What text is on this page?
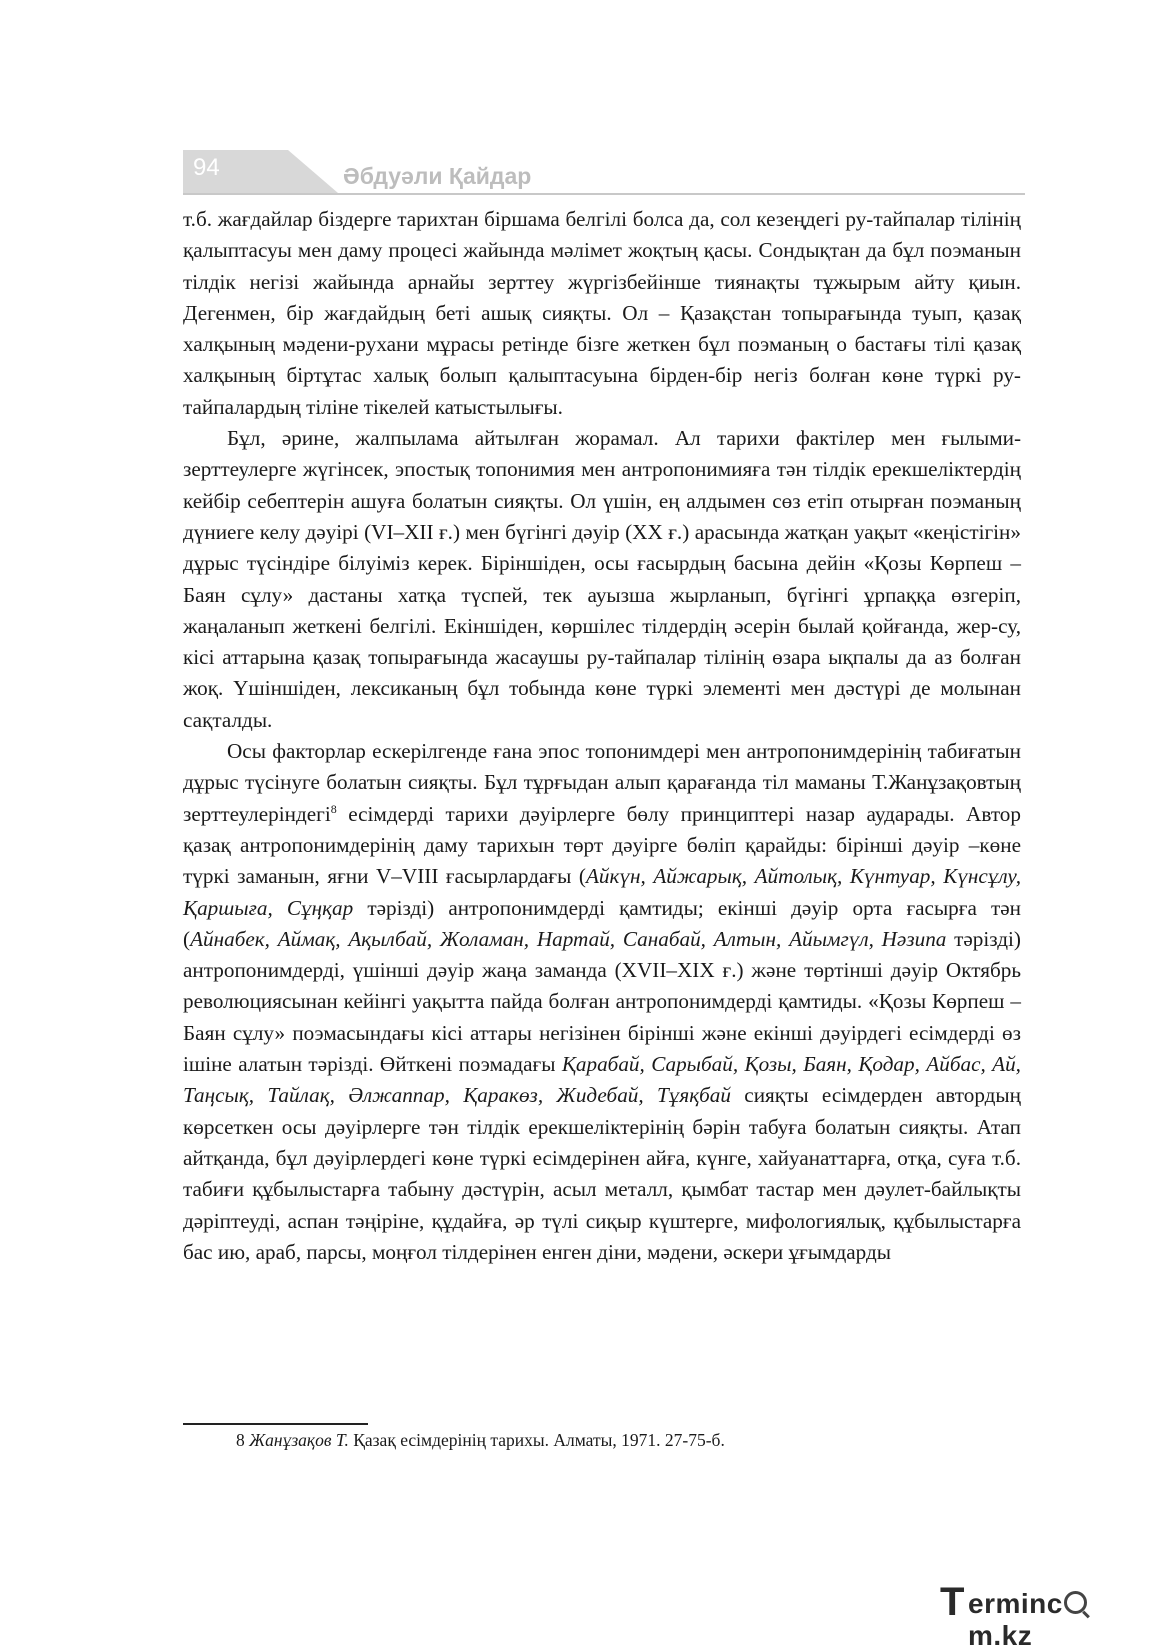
94	Әбдуәли Қайдар

т.б. жағдайлар біздерге тарихтан біршама белгілі болса да, сол кезеңдегі ру-тайпалар тілінің қалыптасуы мен даму процесі жайында мәлімет жоқтың қасы. Сондықтан да бұл поэманын тілдік негізі жайында арнайы зерттеу жүргізбейінше тиянақты тұжырым айту қиын. Дегенмен, бір жағдайдың беті ашық сияқты. Ол – Қазақстан топырағында туып, қазақ халқының мәдени-рухани мұрасы ретінде бізге жеткен бұл поэманың о бастағы тілі қазақ халқының біртұтас халық болып қалыптасуына бірден-бір негіз болған көне түркі ру-тайпалардың тіліне тікелей катыстылығы.

Бұл, әрине, жалпылама айтылған жорамал. Ал тарихи фактілер мен ғылыми-зерттеулерге жүгінсек, эпостық топонимия мен антропонимияға тән тілдік ерекшеліктердің кейбір себептерін ашуға болатын сияқты. Ол үшін, ең алдымен сөз етіп отырған поэманың дүниеге келу дәуірі (VI–XII ғ.) мен бүгінгі дәуір (XX ғ.) арасында жатқан уақыт «кеңістігін» дұрыс түсіндіре білуіміз керек. Біріншіден, осы ғасырдың басына дейін «Қозы Көрпеш – Баян сұлу» дастаны хатқа түспей, тек ауызша жырланып, бүгінгі ұрпаққа өзгеріп, жаңаланып жеткені белгілі. Екіншіден, көршілес тілдердің әсерін былай қойғанда, жер-су, кісі аттарына қазақ топырағында жасаушы ру-тайпалар тілінің өзара ықпалы да аз болған жоқ. Үшіншіден, лексиканың бұл тобында көне түркі элементі мен дәстүрі де молынан сақталды.

Осы факторлар ескерілгенде ғана эпос топонимдері мен антропонимдерінің табиғатын дұрыс түсінуге болатын сияқты. Бұл тұрғыдан алып қарағанда тіл маманы Т.Жанұзақовтың зерттеулеріндегі$^8$ есімдерді тарихи дәуірлерге бөлу принциптері назар аударады. Автор қазақ антропонимдерінің даму тарихын төрт дәуірге бөліп қарайды: бірінші дәуір –көне түркі заманын, яғни V–VIII ғасырлардағы (Айкүн, Айжарық, Айтолық, Күнтуар, Күнсұлу, Қаршыға, Сұңқар тәрізді) антропонимдерді қамтиды; екінші дәуір орта ғасырға тән (Айнабек, Аймақ, Ақылбай, Жоламан, Нартай, Санабай, Алтын, Айымгүл, Нәзипа тәрізді) антропонимдерді, үшінші дәуір жаңа заманда (XVII–XIX ғ.) және төртінші дәуір Октябрь революциясынан кейінгі уақытта пайда болған антропонимдерді қамтиды. «Қозы Көрпеш – Баян сұлу» поэмасындағы кісі аттары негізінен бірінші және екінші дәуірдегі есімдерді өз ішіне алатын тәрізді. Өйткені поэмадағы Қарабай, Сарыбай, Қозы, Баян, Қодар, Айбас, Ай, Таңсық, Тайлақ, Әлжаппар, Қаракөз, Жидебай, Тұяқбай сияқты есімдерден автордың көрсеткен осы дәуірлерге тән тілдік ерекшеліктерінің бәрін табуға болатын сияқты. Атап айтқанда, бұл дәуірлердегі көне түркі есімдерінен айға, күнге, хайуанаттарға, отқа, суға т.б. табиғи құбылыстарға табыну дәстүрін, асыл металл, қымбат тастар мен дәулет-байлықты дәріптеуді, аспан тәңіріне, құдайға, әр түлі сиқыр күштерге, мифологиялық, құбылыстарға бас ию, араб, парсы, моңғол тілдерінен енген діни, мәдени, әскери ұғымдарды

8 Жанұзақов Т. Қазақ есімдерінің тарихы. Алматы, 1971. 27-75-б.
T ermincm.kz
